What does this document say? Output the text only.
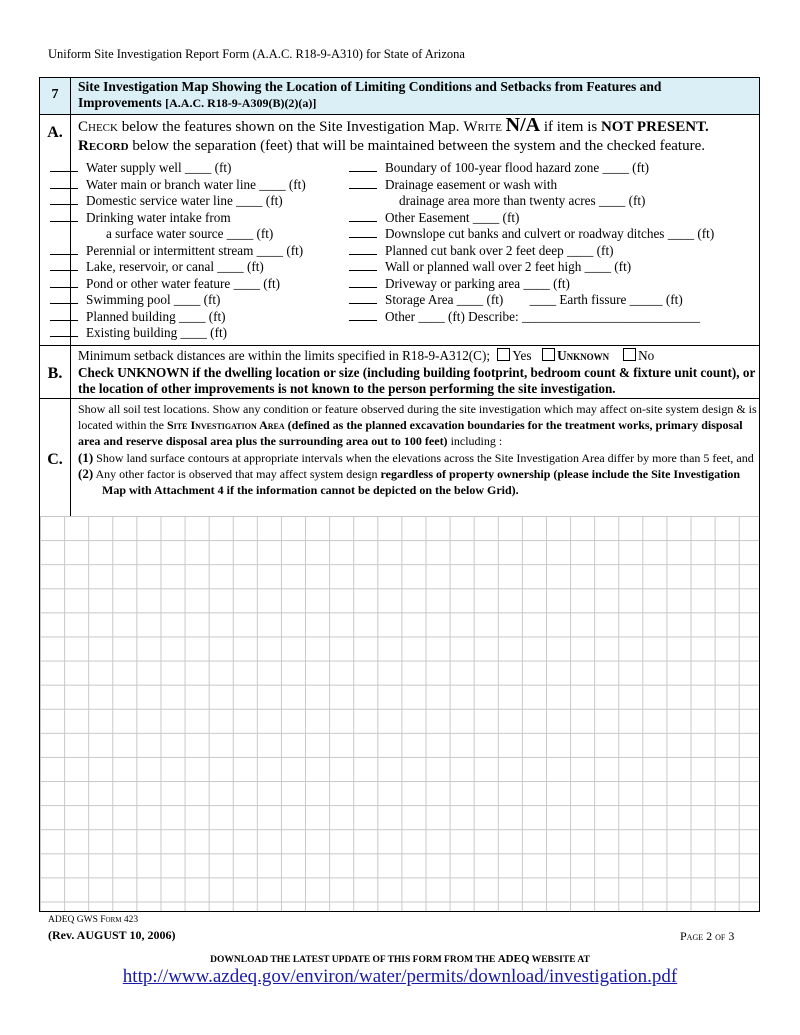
Uniform Site Investigation Report Form (A.A.C. R18-9-A310) for State of Arizona
7
Site Investigation Map Showing the Location of Limiting Conditions and Setbacks from Features and Improvements [A.A.C. R18-9-A309(B)(2)(a)]
A.	Check below the features shown on the Site Investigation Map. Write N/A if item is NOT PRESENT.
Record below the separation (feet) that will be maintained between the system and the checked feature.
Water supply well ____ (ft)
Water main or branch water line ____ (ft)
Domestic service water line ____ (ft)
Drinking water intake from
a surface water source ____ (ft)
Perennial or intermittent stream ____ (ft)
Lake, reservoir, or canal ____ (ft)
Pond or other water feature ____ (ft)
Swimming pool ____ (ft)
Planned building ____ (ft)
Existing building ____ (ft)
Boundary of 100-year flood hazard zone ____ (ft)
Drainage easement or wash with
drainage area more than twenty acres ____ (ft)
Other Easement ____ (ft)
Downslope cut banks and culvert or roadway ditches ____ (ft)
Planned cut bank over 2 feet deep ____ (ft)
Wall or planned wall over 2 feet high ____ (ft)
Driveway or parking area ____ (ft)
Storage Area ____ (ft) ____ Earth fissure _____ (ft)
Other ____ (ft) Describe: ___________________________
B.
Minimum setback distances are within the limits specified in R18-9-A312(C); Yes Unknown No
Check UNKNOWN if the dwelling location or size (including building footprint, bedroom count & fixture unit count), or the location of other improvements is not known to the person performing the site investigation.
C.
Show all soil test locations. Show any condition or feature observed during the site investigation which may affect on-site system design & is located within the Site Investigation Area (defined as the planned excavation boundaries for the treatment works, primary disposal area and reserve disposal area plus the surrounding area out to 100 feet) including :
(1) Show land surface contours at appropriate intervals when the elevations across the Site Investigation Area differ by more than 5 feet, and
(2) Any other factor is observed that may affect system design regardless of property ownership (please include the Site Investigation Map with Attachment 4 if the information cannot be depicted on the below Grid).
ADEQ GWS Form 423
(Rev. AUGUST 10, 2006)	Page 2 of 3
DOWNLOAD THE LATEST UPDATE OF THIS FORM FROM THE ADEQ WEBSITE AT
http://www.azdeq.gov/environ/water/permits/download/investigation.pdf
